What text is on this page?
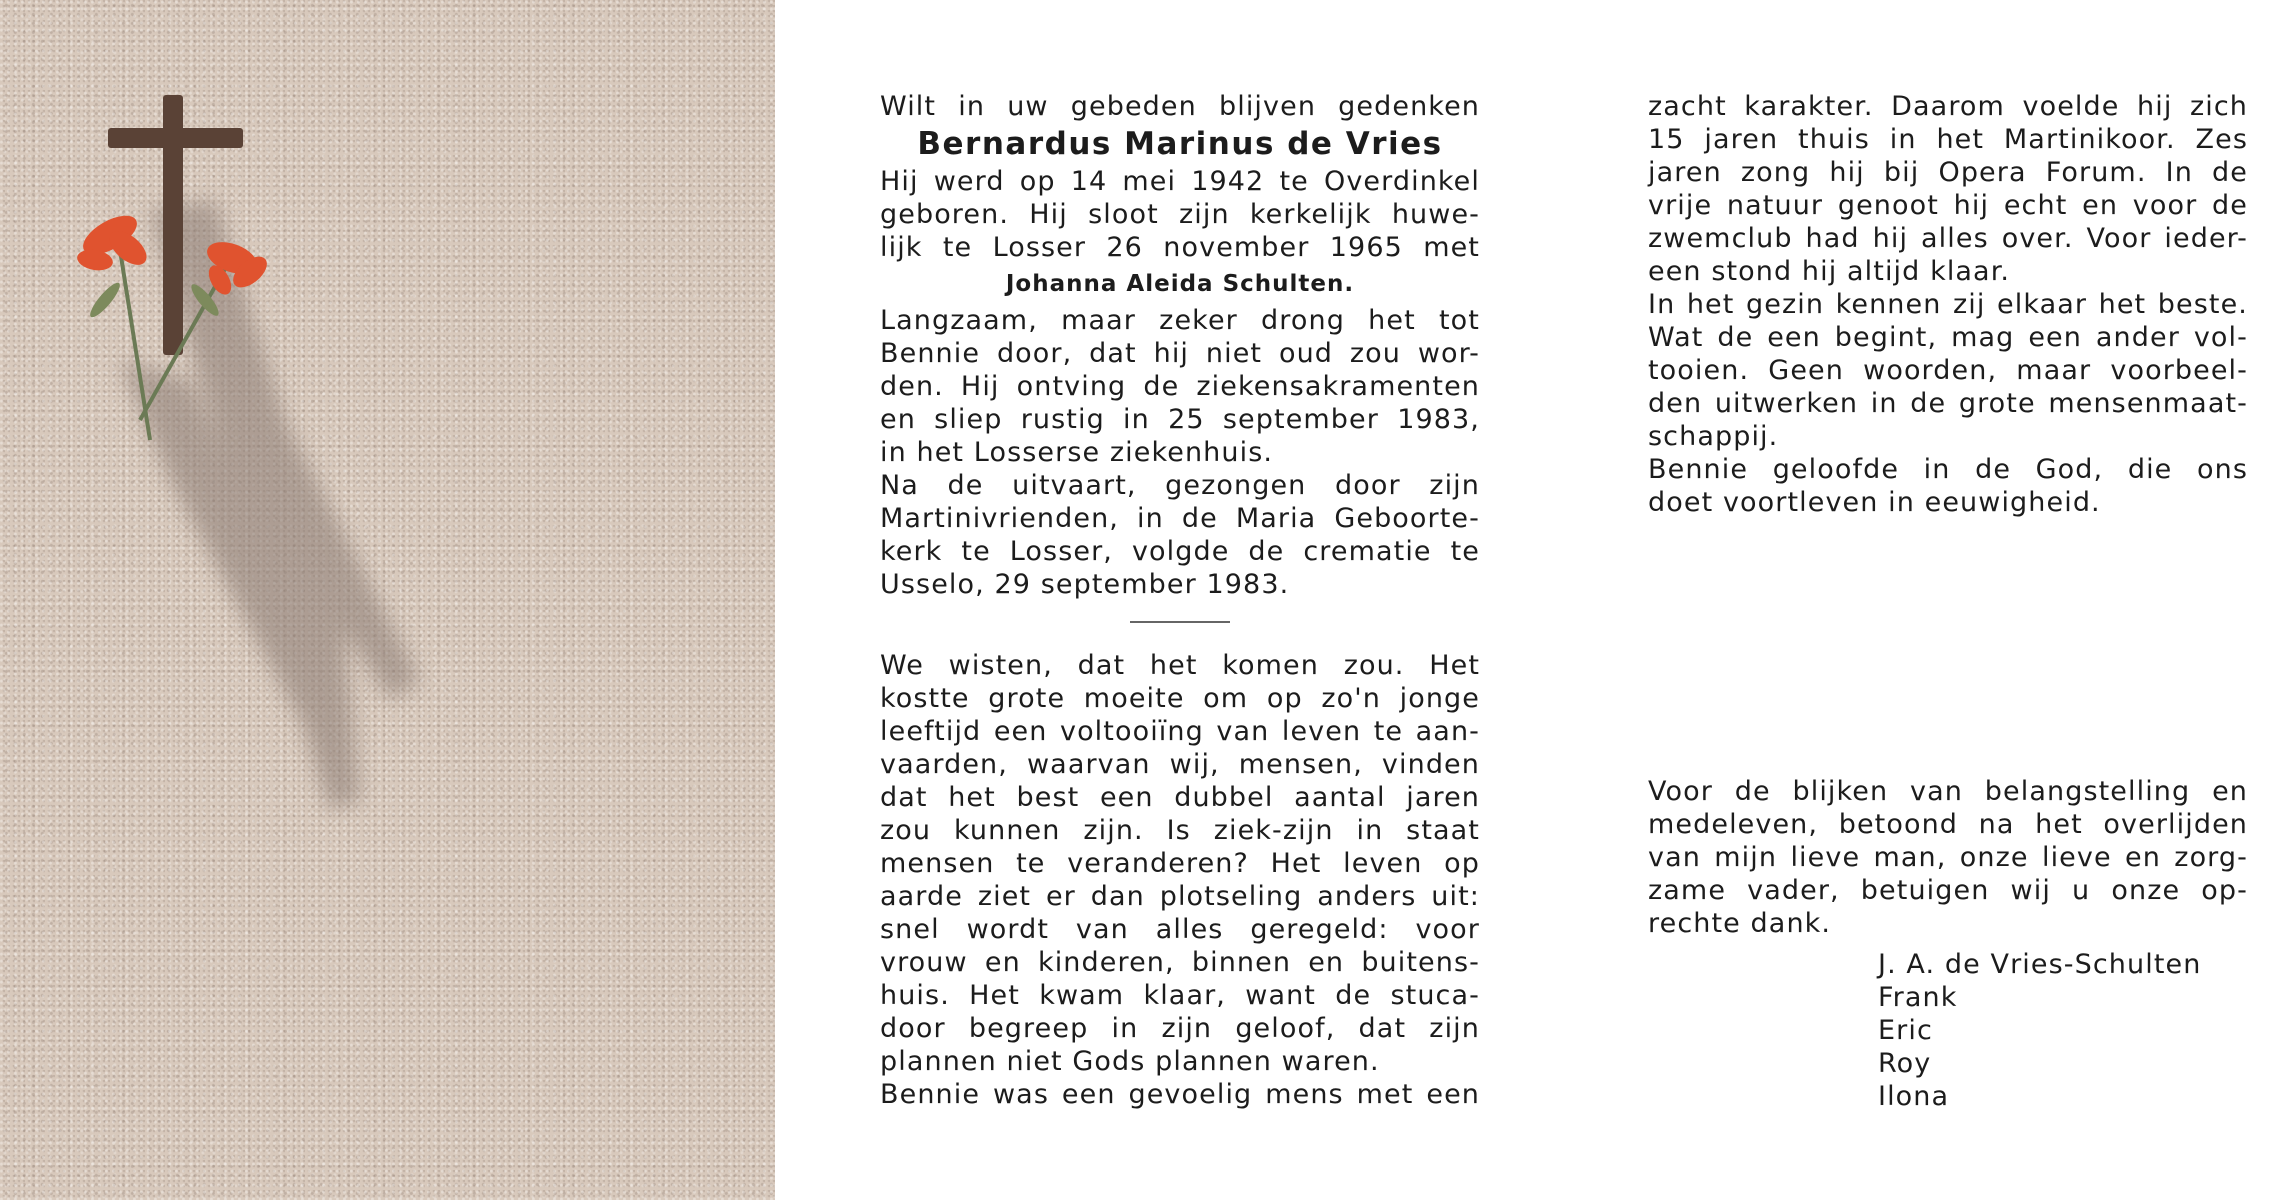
Wilt in uw gebeden blijven gedenken

Bernardus Marinus de Vries

Hij werd op 14 mei 1942 te Overdinkel

geboren. Hij sloot zijn kerkelijk huwe-

lijk te Losser 26 november 1965 met

Johanna Aleida Schulten.

Langzaam, maar zeker drong het tot

Bennie door, dat hij niet oud zou wor-

den. Hij ontving de ziekensakramenten

en sliep rustig in 25 september 1983,

in het Losserse ziekenhuis.

Na de uitvaart, gezongen door zijn

Martinivrienden, in de Maria Geboorte-

kerk te Losser, volgde de crematie te

Usselo, 29 september 1983.

We wisten, dat het komen zou. Het

kostte grote moeite om op zo'n jonge

leeftijd een voltooiïng van leven te aan-

vaarden, waarvan wij, mensen, vinden

dat het best een dubbel aantal jaren

zou kunnen zijn. Is ziek-zijn in staat

mensen te veranderen? Het leven op

aarde ziet er dan plotseling anders uit:

snel wordt van alles geregeld: voor

vrouw en kinderen, binnen en buitens-

huis. Het kwam klaar, want de stuca-

door begreep in zijn geloof, dat zijn

plannen niet Gods plannen waren.

Bennie was een gevoelig mens met een

zacht karakter. Daarom voelde hij zich

15 jaren thuis in het Martinikoor. Zes

jaren zong hij bij Opera Forum. In de

vrije natuur genoot hij echt en voor de

zwemclub had hij alles over. Voor ieder-

een stond hij altijd klaar.

In het gezin kennen zij elkaar het beste.

Wat de een begint, mag een ander vol-

tooien. Geen woorden, maar voorbeel-

den uitwerken in de grote mensenmaat-

schappij.

Bennie geloofde in de God, die ons

doet voortleven in eeuwigheid.

Voor de blijken van belangstelling en

medeleven, betoond na het overlijden

van mijn lieve man, onze lieve en zorg-

zame vader, betuigen wij u onze op-

rechte dank.

J. A. de Vries-Schulten

Frank

Eric

Roy

Ilona
